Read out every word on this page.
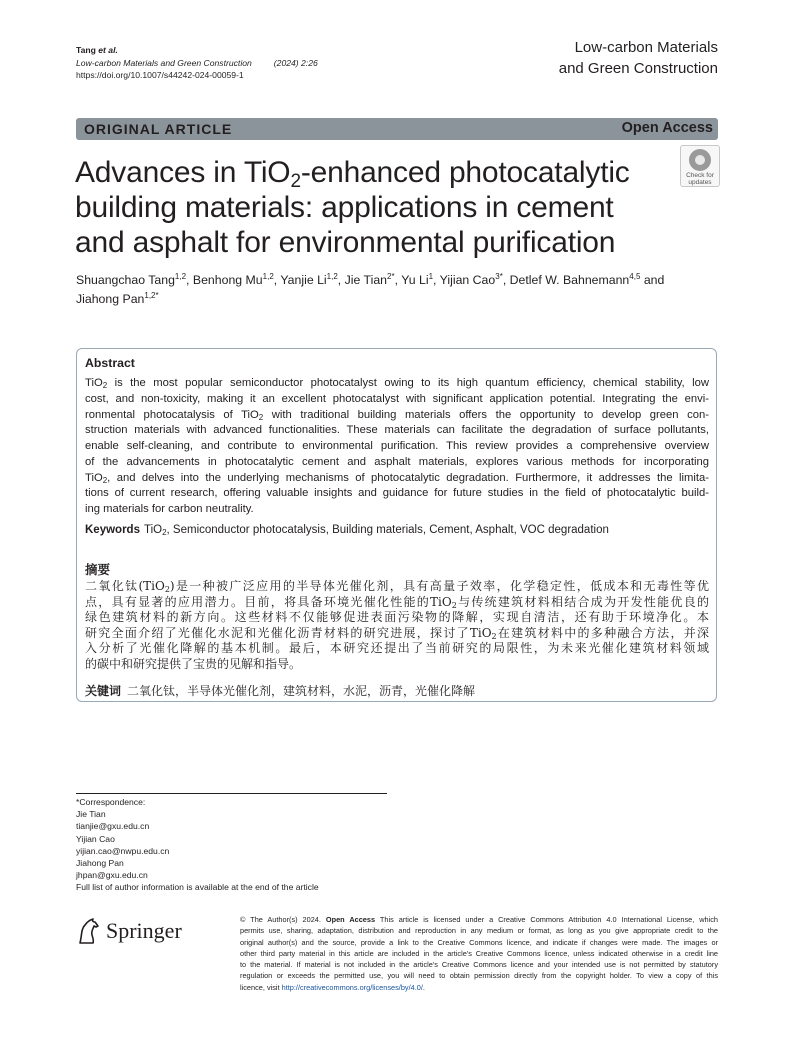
Tang et al.
Low-carbon Materials and Green Construction	(2024) 2:26
https://doi.org/10.1007/s44242-024-00059-1
Low-carbon Materials
and Green Construction
ORIGINAL ARTICLE	Open Access
Advances in TiO$_2$-enhanced photocatalytic
building materials: applications in cement
and asphalt for environmental purification
Check for
updates
Shuangchao Tang$^{1,2}$, Benhong Mu$^{1,2}$, Yanjie Li$^{1,2}$, Jie Tian$^{2*}$, Yu Li$^1$, Yijian Cao$^{3*}$, Detlef W. Bahnemann$^{4,5}$ and
Jiahong Pan$^{1,2*}$
Abstract
TiO$_2$ is the most popular semiconductor photocatalyst owing to its high quantum efficiency, chemical stability, low
cost, and non-toxicity, making it an excellent photocatalyst with significant application potential. Integrating the envi-
ronmental photocatalysis of TiO$_2$ with traditional building materials offers the opportunity to develop green con-
struction materials with advanced functionalities. These materials can facilitate the degradation of surface pollutants,
enable self-cleaning, and contribute to environmental purification. This review provides a comprehensive overview
of the advancements in photocatalytic cement and asphalt materials, explores various methods for incorporating
TiO$_2$, and delves into the underlying mechanisms of photocatalytic degradation. Furthermore, it addresses the limita-
tions of current research, offering valuable insights and guidance for future studies in the field of photocatalytic build-
ing materials for carbon neutrality.
Keywords TiO$_2$, Semiconductor photocatalysis, Building materials, Cement, Asphalt, VOC degradation
摘要
二氧化钛(TiO$_2$)是一种被广泛应用的半导体光催化剂，具有高量子效率，化学稳定性，低成本和无毒性等优
点，具有显著的应用潜力。目前，将具备环境光催化性能的TiO$_2$与传统建筑材料相结合成为开发性能优良的
绿色建筑材料的新方向。这些材料不仅能够促进表面污染物的降解，实现自清洁，还有助于环境净化。本
研究全面介绍了光催化水泥和光催化沥青材料的研究进展，探讨了TiO$_2$在建筑材料中的多种融合方法，并深
入分析了光催化降解的基本机制。最后，本研究还提出了当前研究的局限性，为未来光催化建筑材料领域
的碳中和研究提供了宝贵的见解和指导。
关键词 二氧化钛，半导体光催化剂，建筑材料，水泥，沥青，光催化降解
*Correspondence:
Jie Tian
tianjie@gxu.edu.cn
Yijian Cao
yijian.cao@nwpu.edu.cn
Jiahong Pan
jhpan@gxu.edu.cn
Full list of author information is available at the end of the article
Springer	© The Author(s) 2024. Open Access This article is licensed under a Creative Commons Attribution 4.0 International License, which
permits use, sharing, adaptation, distribution and reproduction in any medium or format, as long as you give appropriate credit to the
original author(s) and the source, provide a link to the Creative Commons licence, and indicate if changes were made. The images or
other third party material in this article are included in the article's Creative Commons licence, unless indicated otherwise in a credit line
to the material. If material is not included in the article's Creative Commons licence and your intended use is not permitted by statutory
regulation or exceeds the permitted use, you will need to obtain permission directly from the copyright holder. To view a copy of this
licence, visit http://creativecommons.org/licenses/by/4.0/.
